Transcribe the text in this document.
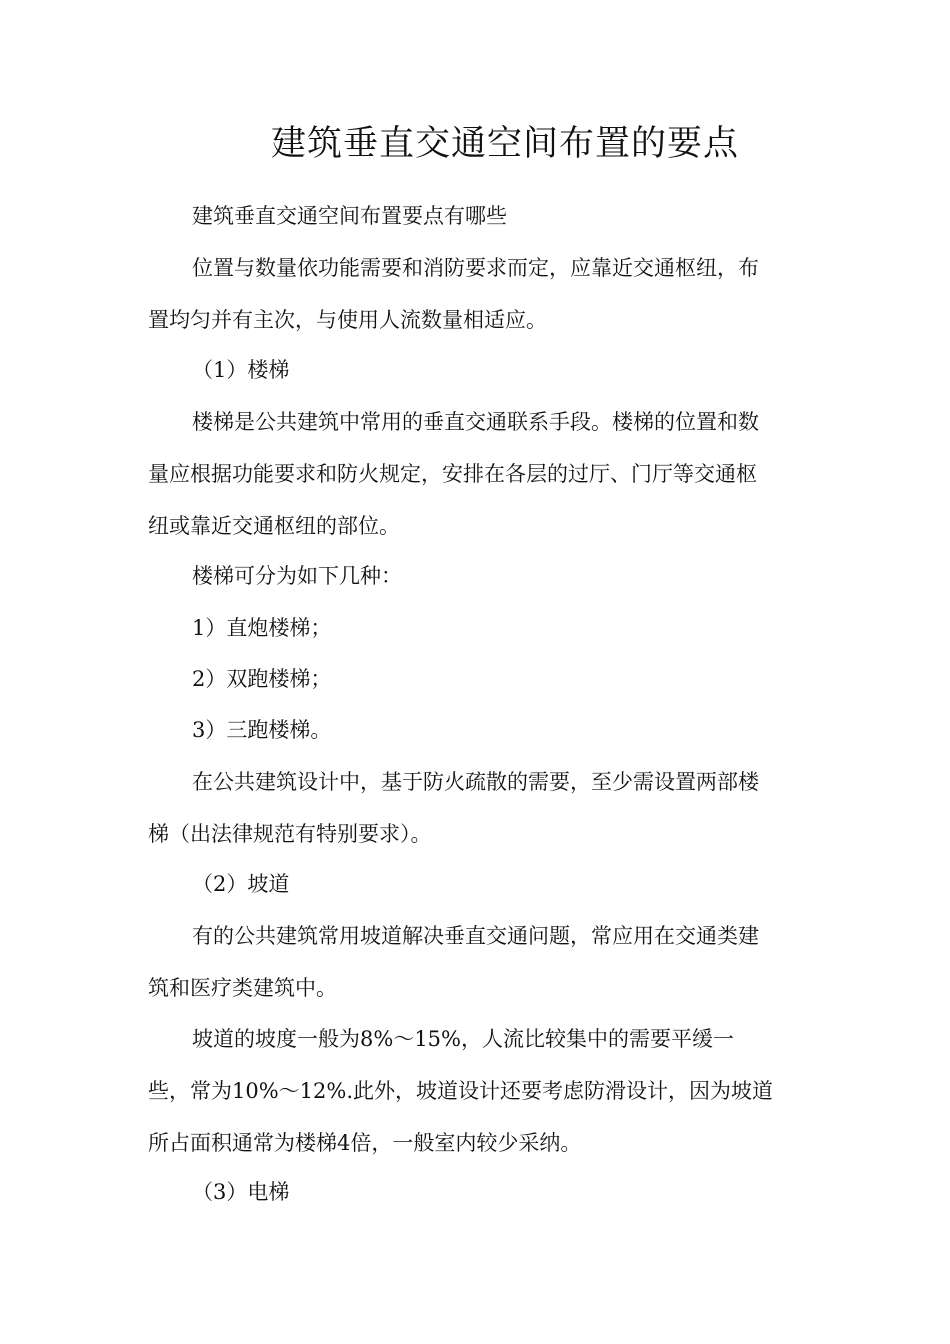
建筑垂直交通空间布置的要点

建筑垂直交通空间布置要点有哪些

位置与数量依功能需要和消防要求而定，应靠近交通枢纽，布
置均匀并有主次，与使用人流数量相适应。

（1）楼梯

楼梯是公共建筑中常用的垂直交通联系手段。楼梯的位置和数
量应根据功能要求和防火规定，安排在各层的过厅、门厅等交通枢
纽或靠近交通枢纽的部位。

楼梯可分为如下几种：

1）直炮楼梯；

2）双跑楼梯；

3）三跑楼梯。

在公共建筑设计中，基于防火疏散的需要，至少需设置两部楼
梯（出法律规范有特别要求）。

（2）坡道

有的公共建筑常用坡道解决垂直交通问题，常应用在交通类建
筑和医疗类建筑中。

坡道的坡度一般为8%～15%，人流比较集中的需要平缓一
些，常为10%～12%.此外，坡道设计还要考虑防滑设计，因为坡道
所占面积通常为楼梯4倍，一般室内较少采纳。

（3）电梯
